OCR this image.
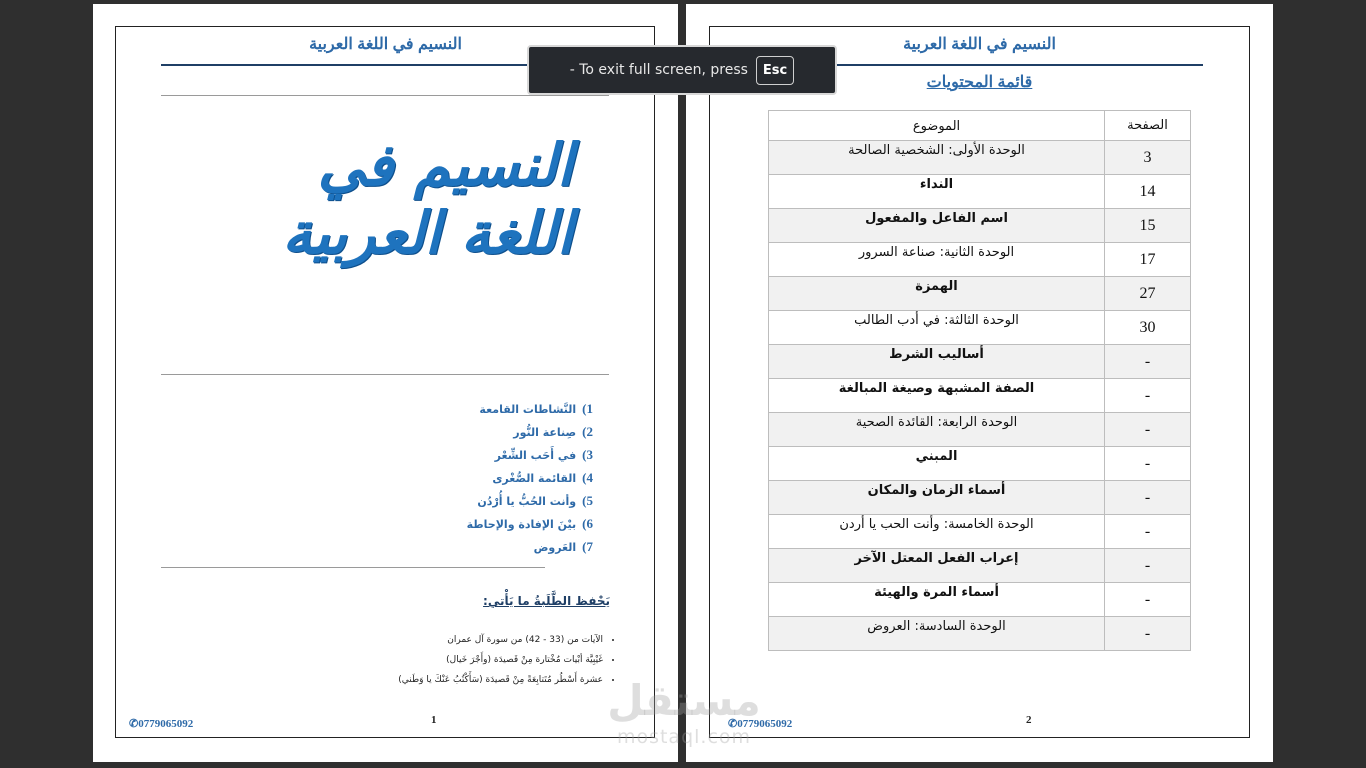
النسيم في اللغة العربية
النسيم في اللغة العربية
1)النَّشاطات القامعة
2)صِناعة النُّور
3)في أَحَب الشِّعْر
4)القائمة الصُّغْرى
5)وأنت الحُبُّ يا أُرْدُن
6)بيْنَ الإفادة والإحاطة
7)العَروض
يَحْفظ الطَّلَبةُ ما يَأْتي:
• الآيات من (33 - 42) من سورة آل عمران
• غَيْبِيَّة أبْيات مُخْتارة مِنْ قَصيدَة (وأَجْرَ خَيال)
• عشرة أَسْطُر مُتَتابِعَةً مِنْ قَصيدَة (سَأَكْتُبُ عَنْكَ يا وَطَني)
✆0779065092	1
النسيم في اللغة العربية
قائمة المحتويات
الصفحة	الموضوع
3	الوحدة الأولى: الشخصية الصالحة
14	النداء
15	اسم الفاعل والمفعول
17	الوحدة الثانية: صناعة السرور
27	الهمزة
30	الوحدة الثالثة: في أدب الطالب
-	أساليب الشرط
-	الصفة المشبهة وصيغة المبالغة
-	الوحدة الرابعة: القائدة الصحية
-	المبني
-	أسماء الزمان والمكان
-	الوحدة الخامسة: وأنت الحب يا أردن
-	إعراب الفعل المعتل الآخر
-	أسماء المرة والهيئة
-	الوحدة السادسة: العروض
✆0779065092	2
- To exit full screen, press	Esc
مستقل
mostaql.com
